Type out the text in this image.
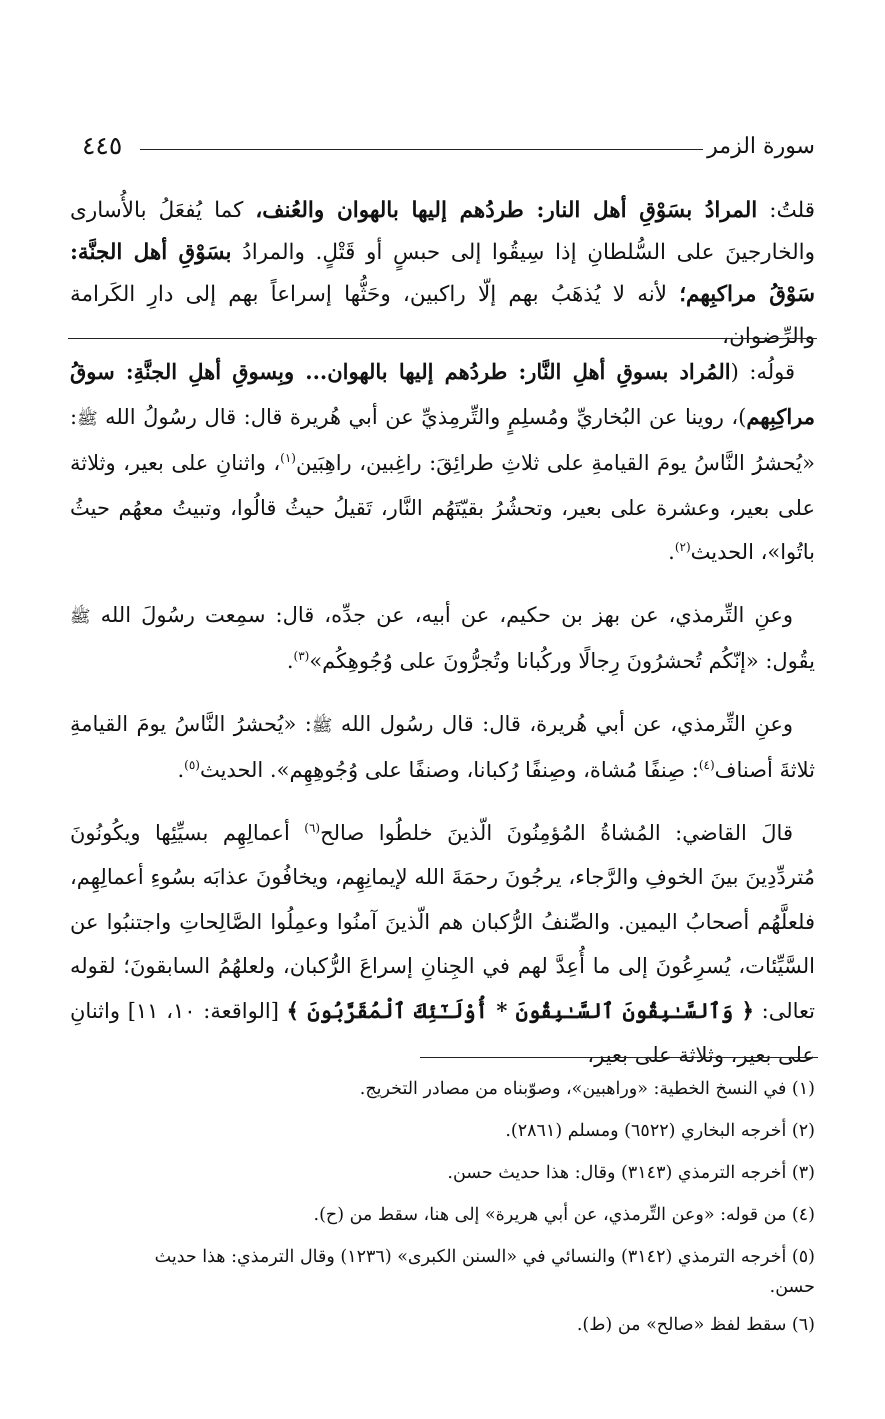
٤٤٥	سورة الزمر

قلتُ: المرادُ بسَوْقِ أهل النار: طردُهم إليها بالهوان والعُنف، كما يُفعَلُ بالأُسارى والخارجينَ على السُّلطانِ إذا سِيقُوا إلى حبسٍ أو قَتْلٍ. والمرادُ بسَوْقِ أهل الجنَّة: سَوْقُ مراكبِهم؛ لأنه لا يُذهَبُ بهم إلّا راكبين، وحَثُّها إسراعاً بهم إلى دارِ الكَرامة والرِّضوان،

قولُه: (المُراد بسوقِ أهلِ النَّار: طردُهم إليها بالهوان... وبِسوقِ أهلِ الجنَّةِ: سوقُ مراكِبِهم)، روينا عن البُخاريِّ ومُسلِمٍ والتِّرمِذيِّ عن أبي هُريرة قال: قال رسُولُ الله ﷺ: «يُحشرُ النَّاسُ يومَ القيامةِ على ثلاثِ طرائِقَ: راغِبين، راهِبَين$^{(١)}$، واثنانِ على بعير، وثلاثة على بعير، وعشرة على بعير، وتحشُرُ بقيّتَهُم النَّار، تَقيلُ حيثُ قالُوا، وتبيتُ معهُم حيثُ باتُوا»، الحديث$^{(٢)}$.

وعنِ التِّرمذي، عن بهز بن حكيم، عن أبيه، عن جدِّه، قال: سمِعت رسُولَ الله ﷺ يقُول: «إنّكُم تُحشرُونَ رِجالًا وركُبانا وتُجرُّونَ على وُجُوهِكُم»$^{(٣)}$.

وعنِ التِّرمذي، عن أبي هُريرة، قال: قال رسُول الله ﷺ: «يُحشرُ النَّاسُ يومَ القيامةِ ثلاثةَ أصناف$^{(٤)}$: صِنفًا مُشاة، وصِنفًا رُكبانا، وصنفًا على وُجُوهِهِم». الحديث$^{(٥)}$.

قالَ القاضي: المُشاةُ المُؤمِنُونَ الّذينَ خلطُوا صالح$^{(٦)}$ أعمالِهِم بسيِّئِها ويكُونُونَ مُتردِّدِينَ بينَ الخوفِ والرَّجاء، يرجُونَ رحمَةَ الله لإيمانِهِم، ويخافُونَ عذابَه بسُوءِ أعمالِهِم، فلعلَّهُم أصحابُ اليمين. والصِّنفُ الرُّكبان هم الّذينَ آمنُوا وعمِلُوا الصَّالِحاتِ واجتنبُوا عن السَّيِّئات، يُسرِعُونَ إلى ما أُعِدَّ لهم في الجِنانِ إسراعَ الرُّكبان، ولعلهُمُ السابقونَ؛ لقوله تعالى: ﴿ وَٱلسَّـٰبِقُونَ ٱلسَّـٰبِقُونَ * أُوْلَـٰٓئِكَ ٱلْمُقَرَّبُونَ ﴾ [الواقعة: ١٠، ١١] واثنانِ على بعير، وثلاثة على بعير،

(١) في النسخ الخطية: «وراهبين»، وصوّبناه من مصادر التخريج.
(٢) أخرجه البخاري (٦٥٢٢) ومسلم (٢٨٦١).
(٣) أخرجه الترمذي (٣١٤٣) وقال: هذا حديث حسن.
(٤) من قوله: «وعن التِّرمذي، عن أبي هريرة» إلى هنا، سقط من (ح).
(٥) أخرجه الترمذي (٣١٤٢) والنسائي في «السنن الكبرى» (١٢٣٦) وقال الترمذي: هذا حديث
حسن.
(٦) سقط لفظ «صالح» من (ط).
